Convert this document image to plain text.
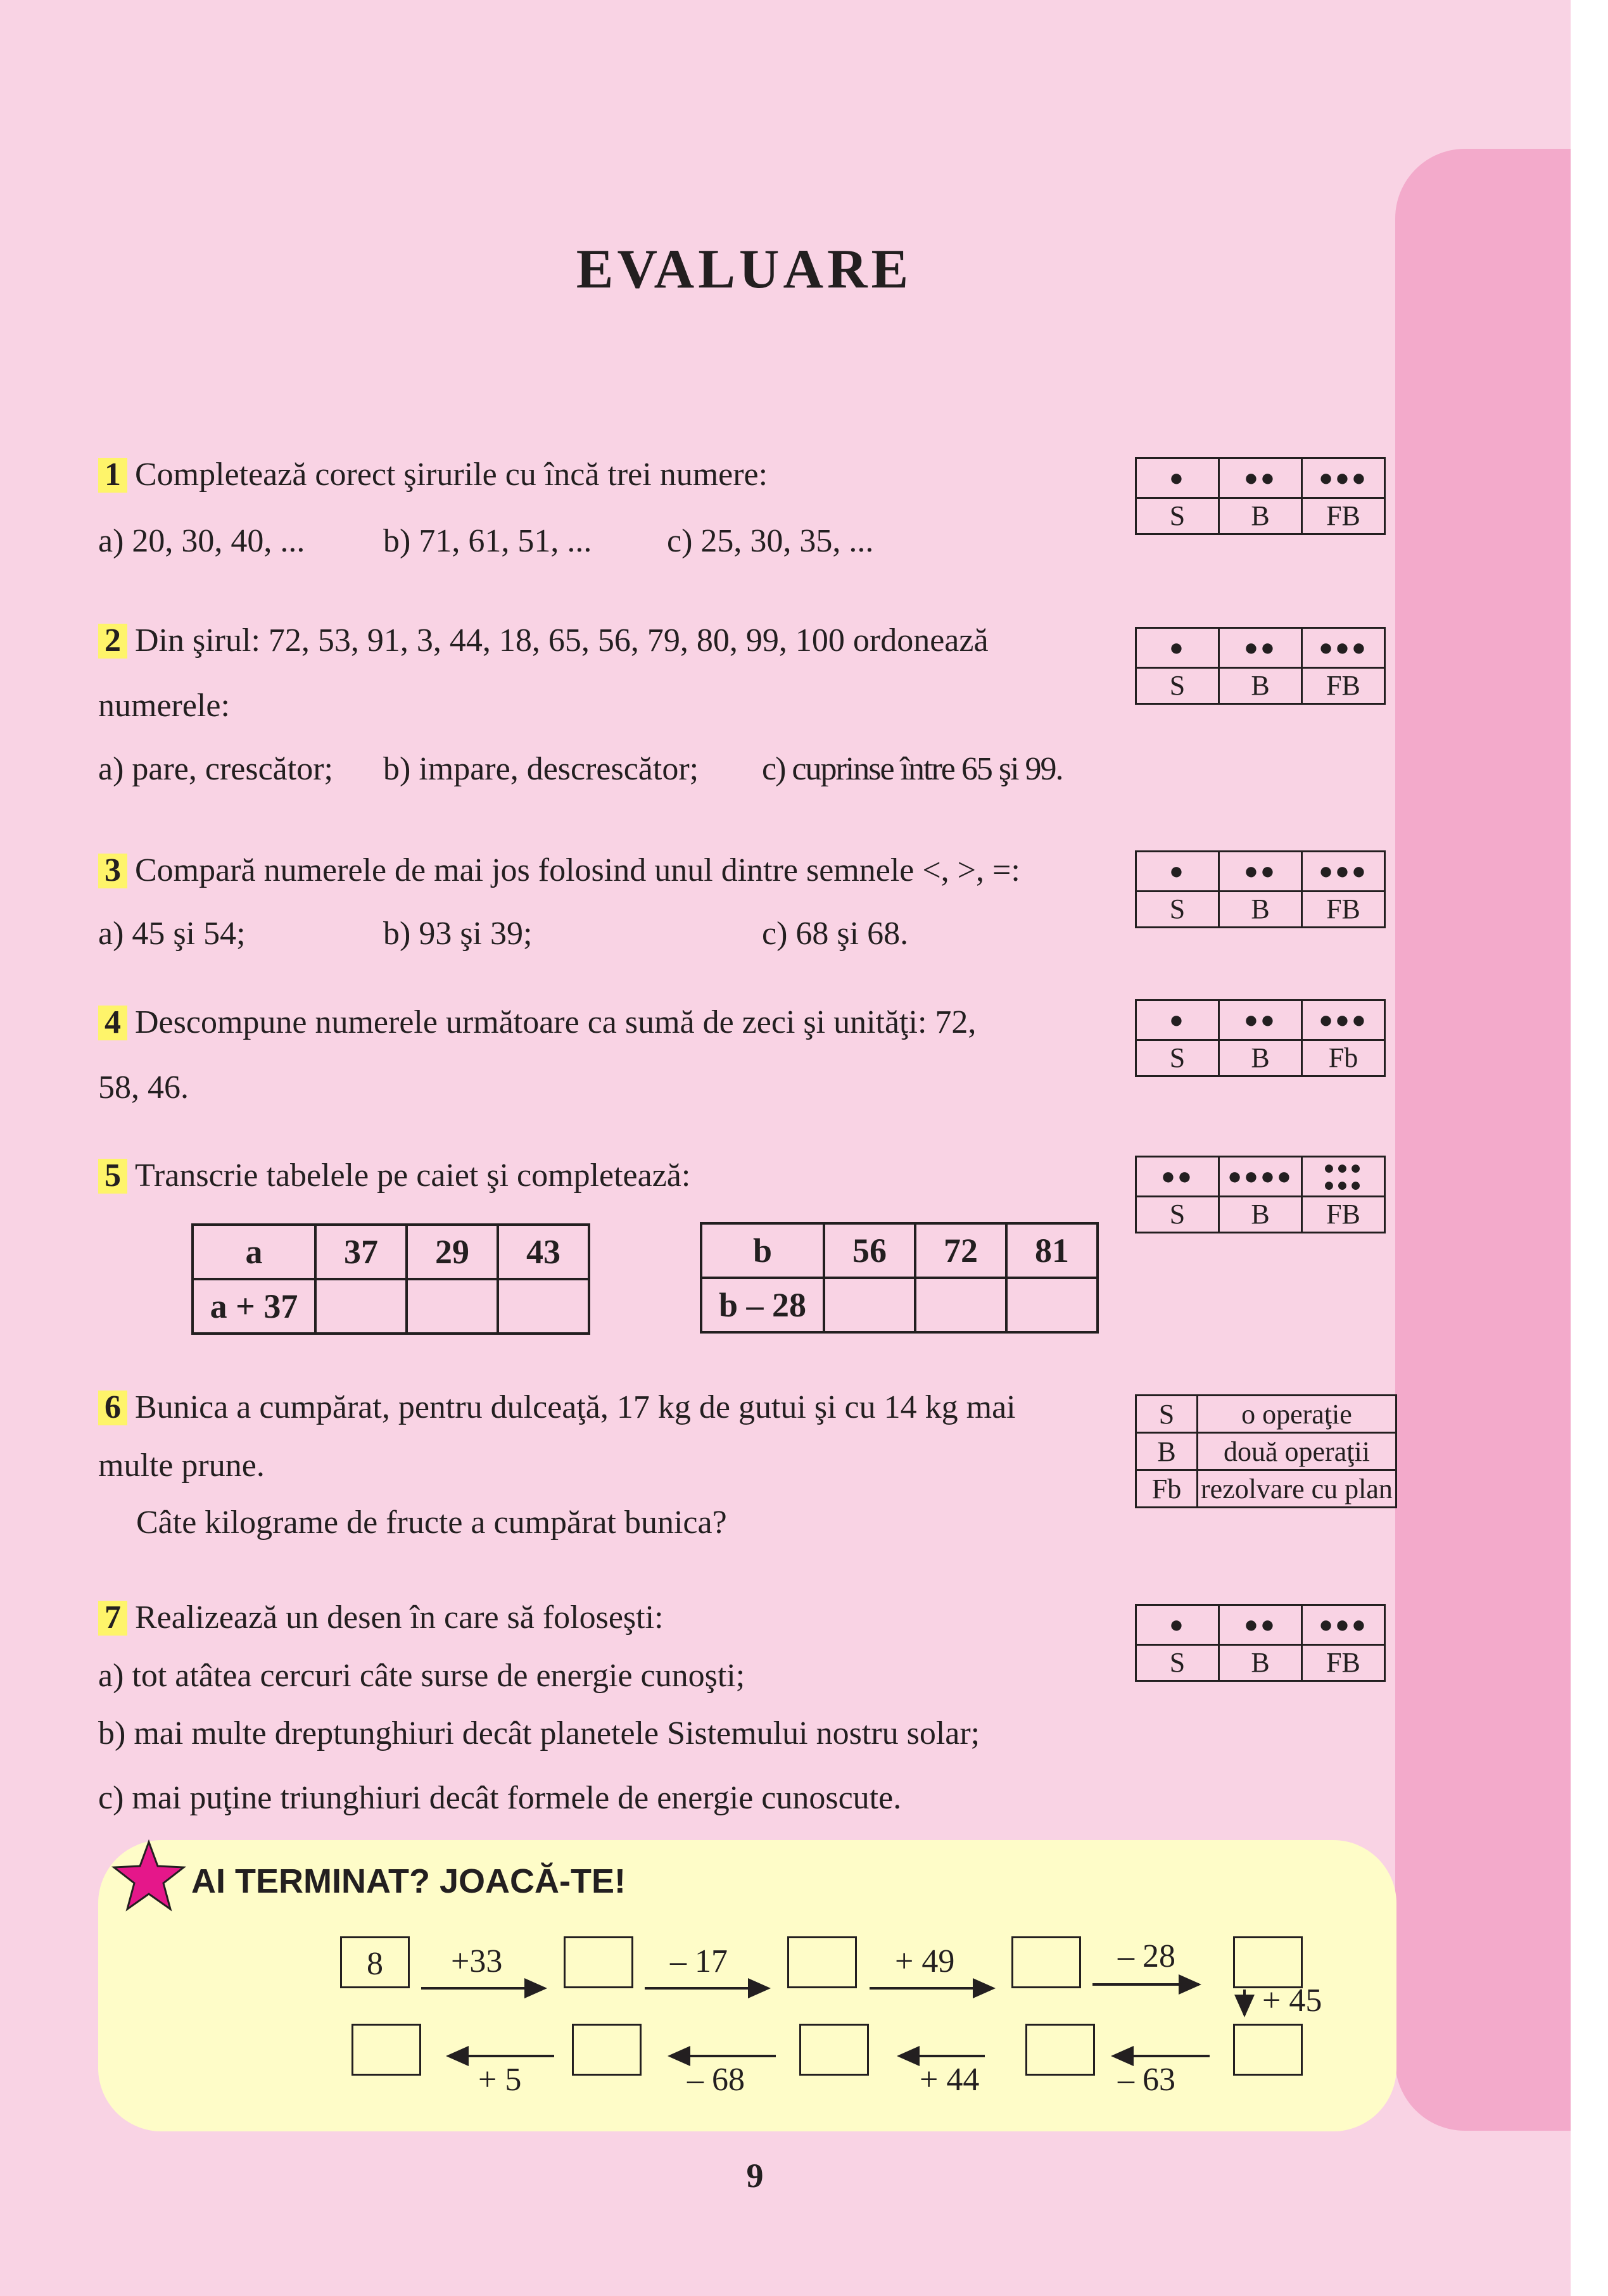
EVALUARE
1 Completează corect şirurile cu încă trei numere:
a) 20, 30, 40, ... b) 71, 61, 51, ... c) 25, 30, 35, ...
●	●●	●●●
S	B	FB
2 Din şirul: 72, 53, 91, 3, 44, 18, 65, 56, 79, 80, 99, 100 ordonează
numerele:
a) pare, crescător; b) impare, descrescător; c) cuprinse între 65 şi 99.
●	●●	●●●
S	B	FB
3 Compară numerele de mai jos folosind unul dintre semnele <, >, =:
a) 45 şi 54;	b) 93 şi 39;	c) 68 şi 68.
●	●●	●●●
S	B	FB
4 Descompune numerele următoare ca sumă de zeci şi unităţi: 72,
58, 46.
●	●●	●●●
S	B	Fb
5 Transcrie tabelele pe caiet şi completează:	●●	●●●●	●●●
●●●
S	B	FB
a	37	29	43
a + 37			
b	56	72	81
b – 28			
6 Bunica a cumpărat, pentru dulceaţă, 17 kg de gutui şi cu 14 kg mai
multe prune.
Câte kilograme de fructe a cumpărat bunica?
S	o operaţie
B	două operaţii
Fb	rezolvare cu plan
7 Realizează un desen în care să foloseşti:
a) tot atâtea cercuri câte surse de energie cunoşti;
b) mai multe dreptunghiuri decât planetele Sistemului nostru solar;
c) mai puţine triunghiuri decât formele de energie cunoscute.
●	●●	●●●
S	B	FB
AI TERMINAT? JOACĂ-TE!
8	+33	– 17	+ 49	– 28
+ 45
+ 5	– 68	+ 44	– 63
9
